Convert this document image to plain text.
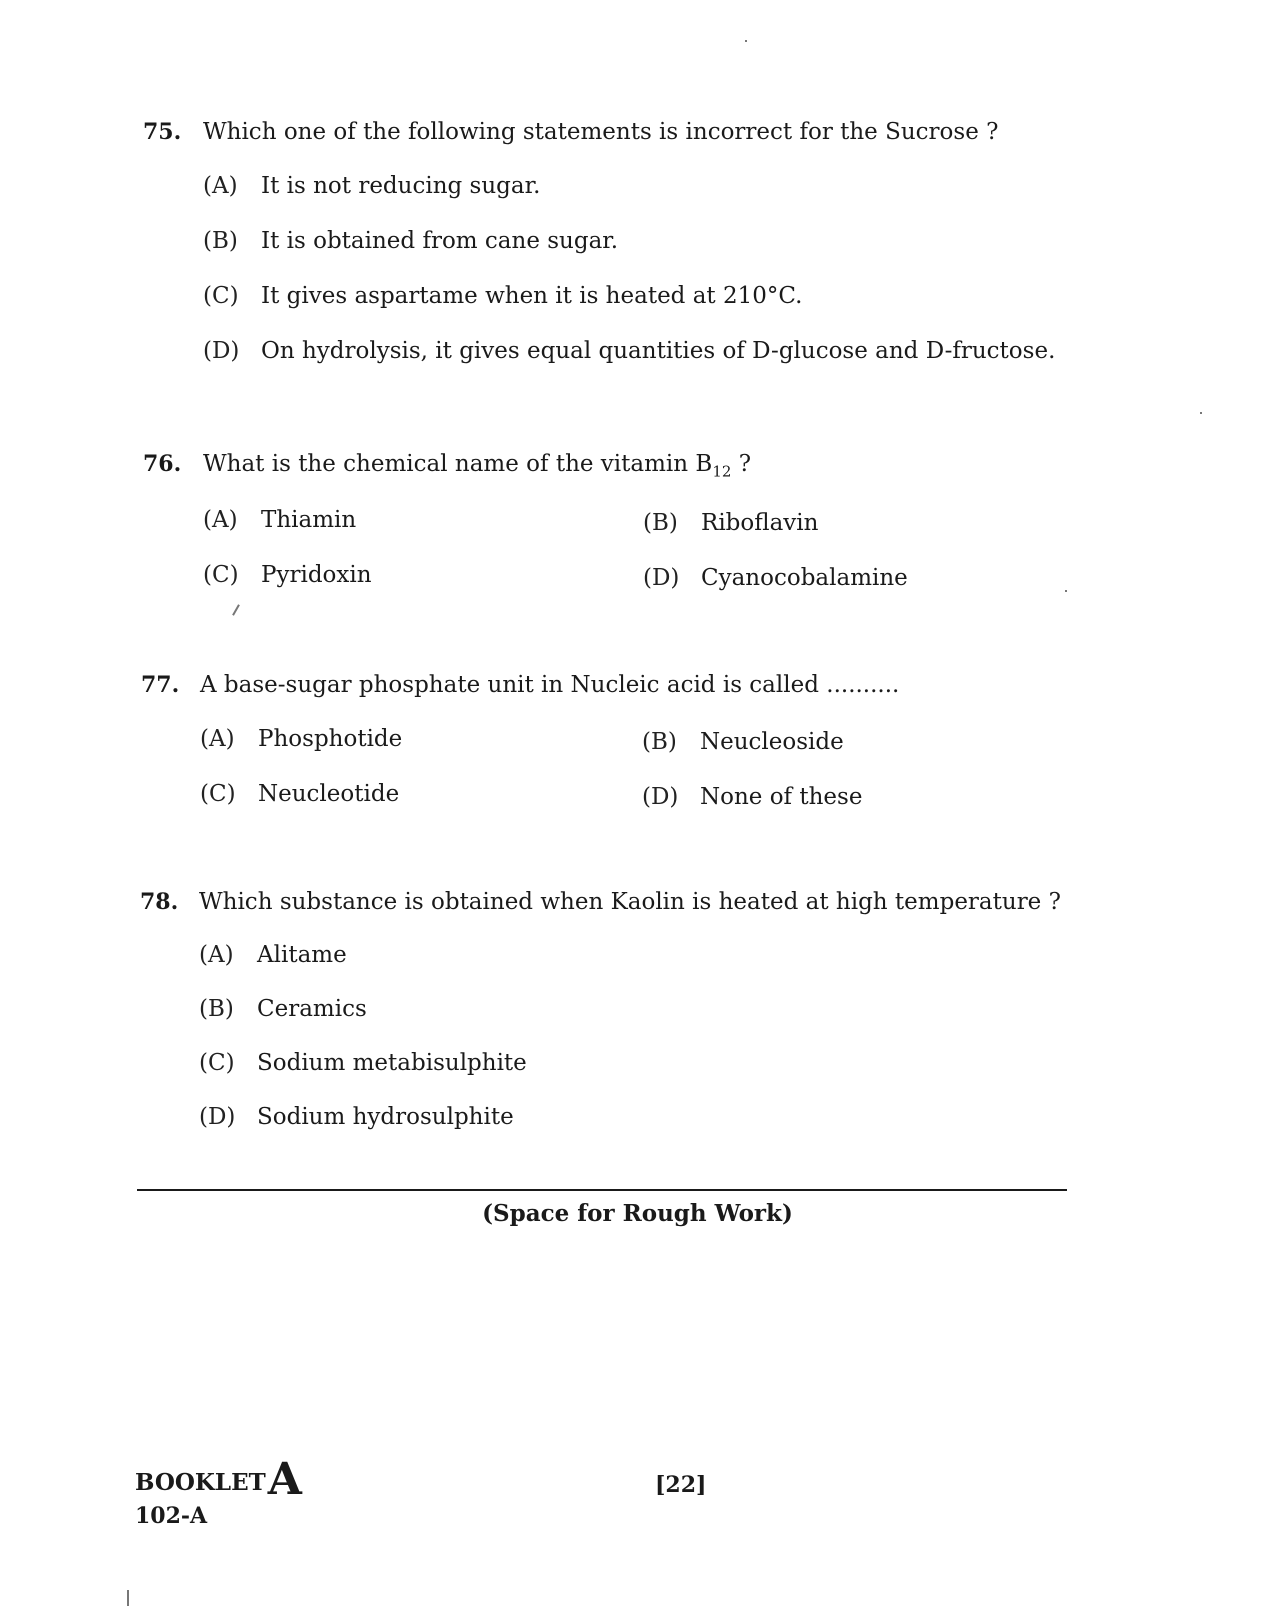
75. Which one of the following statements is incorrect for the Sucrose ?
(A) It is not reducing sugar.
(B) It is obtained from cane sugar.
(C) It gives aspartame when it is heated at 210°C.
(D) On hydrolysis, it gives equal quantities of D-glucose and D-fructose.
76. What is the chemical name of the vitamin $B_{12}$ ?
(A) Thiamin	(B) Riboflavin
(C) Pyridoxin	(D) Cyanocobalamine
77. A base-sugar phosphate unit in Nucleic acid is called ..........
(A) Phosphotide	(B) Neucleoside
(C) Neucleotide	(D) None of these
78. Which substance is obtained when Kaolin is heated at high temperature ?
(A) Alitame
(B) Ceramics
(C) Sodium metabisulphite
(D) Sodium hydrosulphite
(Space for Rough Work)
BOOKLETA
102-A
[22]
